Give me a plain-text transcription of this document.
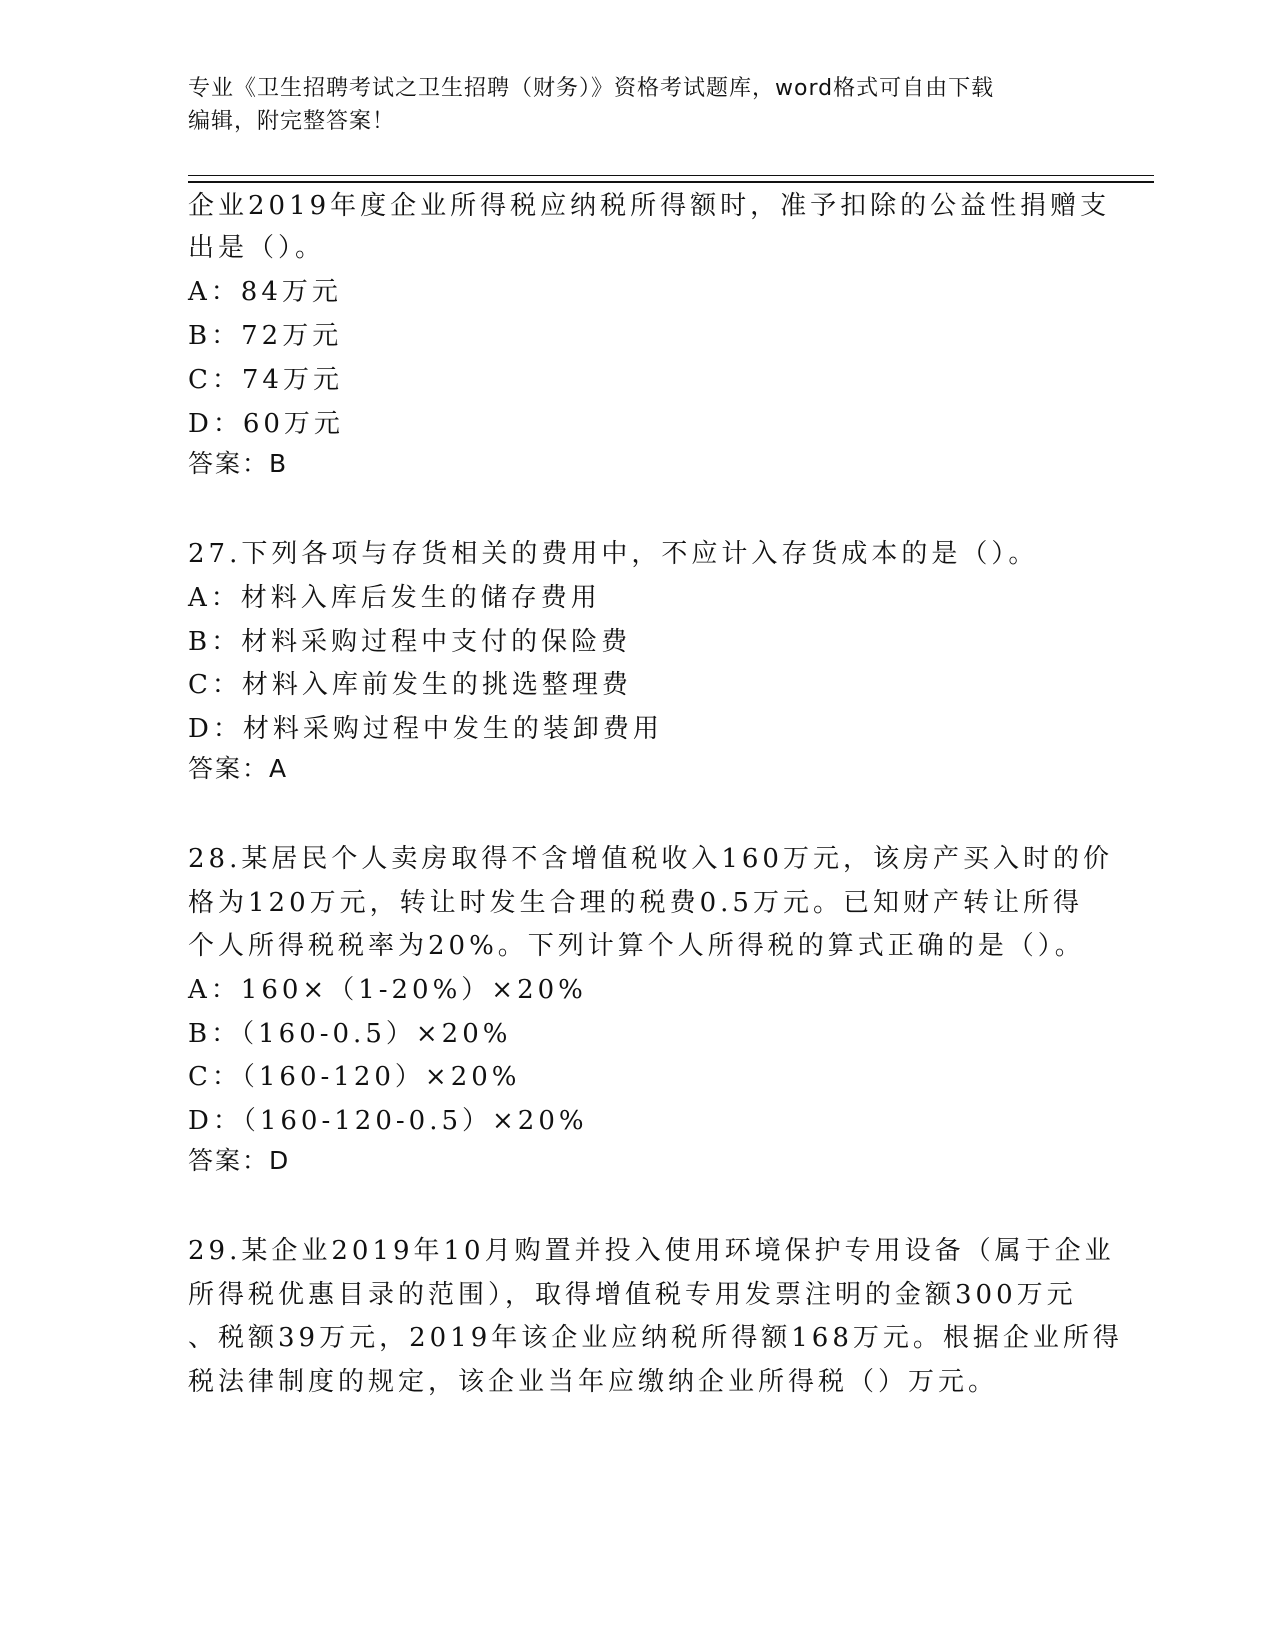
专业《卫生招聘考试之卫生招聘（财务）》资格考试题库，word格式可自由下载
编辑，附完整答案！
企业2019年度企业所得税应纳税所得额时，准予扣除的公益性捐赠支
出是（）。
A：84万元
B：72万元
C：74万元
D：60万元
答案：B
27.下列各项与存货相关的费用中，不应计入存货成本的是（）。
A：材料入库后发生的储存费用
B：材料采购过程中支付的保险费
C：材料入库前发生的挑选整理费
D：材料采购过程中发生的装卸费用
答案：A
28.某居民个人卖房取得不含增值税收入160万元，该房产买入时的价
格为120万元，转让时发生合理的税费0.5万元。已知财产转让所得
个人所得税税率为20%。下列计算个人所得税的算式正确的是（）。
A：160×（1-20%）×20%
B：（160-0.5）×20%
C：（160-120）×20%
D：（160-120-0.5）×20%
答案：D
29.某企业2019年10月购置并投入使用环境保护专用设备（属于企业
所得税优惠目录的范围），取得增值税专用发票注明的金额300万元
、税额39万元，2019年该企业应纳税所得额168万元。根据企业所得
税法律制度的规定，该企业当年应缴纳企业所得税（）万元。
